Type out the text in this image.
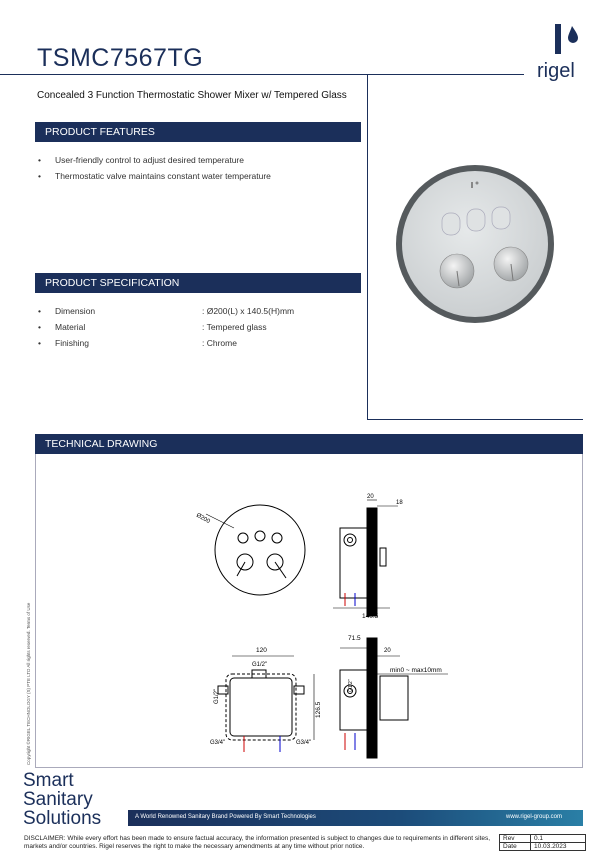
TSMC7567TG	rigel
Concealed 3 Function Thermostatic Shower Mixer w/ Tempered Glass
PRODUCT FEATURES
• User-friendly control to adjust desired temperature
• Thermostatic valve maintains constant water temperature
PRODUCT SPECIFICATION
• Dimension	: Ø200(L) x 140.5(H)mm
• Material	: Tempered glass
• Finishing	: Chrome
TECHNICAL DRAWING
Ø200
20
18
140.5
120
G1/2"
G1/2"
G3/4"	G3/4"
126.5
71.5
20
min0 ~ max10mm
G1/2"
Copyright ©RIGEL TECHNOLOGY (S) PTE LTD All rights reserved. Terms of Use
Smart
Sanitary
Solutions	A World Renowned Sanitary Brand Powered By Smart Technologies	www.rigel-group.com
DISCLAIMER: While every effort has been made to ensure factual accuracy, the information presented is subject to changes due to requirements in different sites, markets and/or countries. Rigel reserves the right to make the necessary amendments at any time without prior notice.
Rev	0.1
Date	10.03.2023
